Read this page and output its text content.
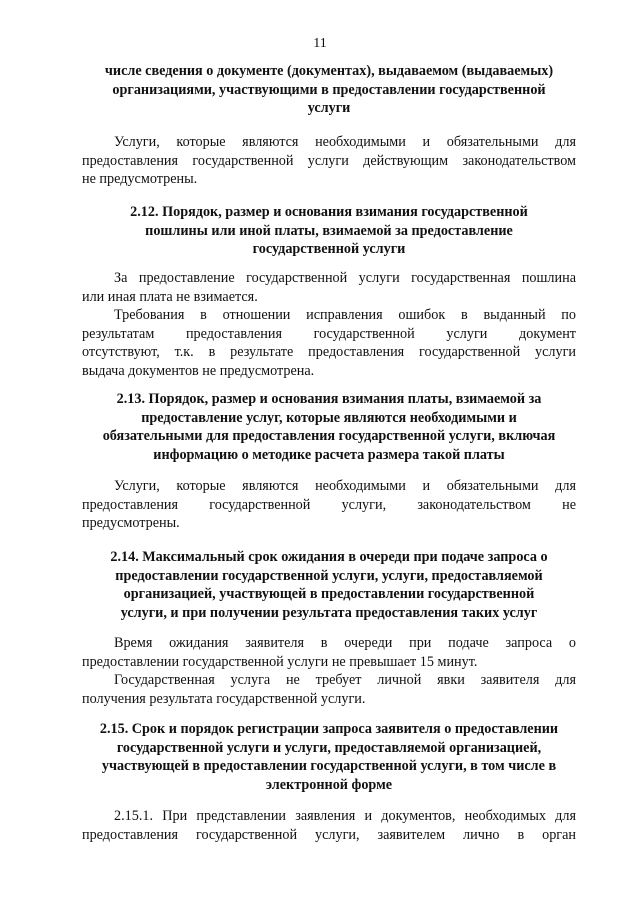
11
числе сведения о документе (документах), выдаваемом (выдаваемых)
организациями, участвующими в предоставлении государственной
услуги
Услуги, которые являются необходимыми и обязательными для
предоставления государственной услуги действующим законодательством
не предусмотрены.
2.12. Порядок, размер и основания взимания государственной
пошлины или иной платы, взимаемой за предоставление
государственной услуги
За предоставление государственной услуги государственная пошлина
или иная плата не взимается.
Требования в отношении исправления ошибок в выданный по
результатам предоставления государственной услуги документ
отсутствуют, т.к. в результате предоставления государственной услуги
выдача документов не предусмотрена.
2.13. Порядок, размер и основания взимания платы, взимаемой за
предоставление услуг, которые являются необходимыми и
обязательными для предоставления государственной услуги, включая
информацию о методике расчета размера такой платы
Услуги, которые являются необходимыми и обязательными для
предоставления государственной услуги, законодательством не
предусмотрены.
2.14. Максимальный срок ожидания в очереди при подаче запроса о
предоставлении государственной услуги, услуги, предоставляемой
организацией, участвующей в предоставлении государственной
услуги, и при получении результата предоставления таких услуг
Время ожидания заявителя в очереди при подаче запроса о
предоставлении государственной услуги не превышает 15 минут.
Государственная услуга не требует личной явки заявителя для
получения результата государственной услуги.
2.15. Срок и порядок регистрации запроса заявителя о предоставлении
государственной услуги и услуги, предоставляемой организацией,
участвующей в предоставлении государственной услуги, в том числе в
электронной форме
2.15.1. При представлении заявления и документов, необходимых для
предоставления государственной услуги, заявителем лично в орган
